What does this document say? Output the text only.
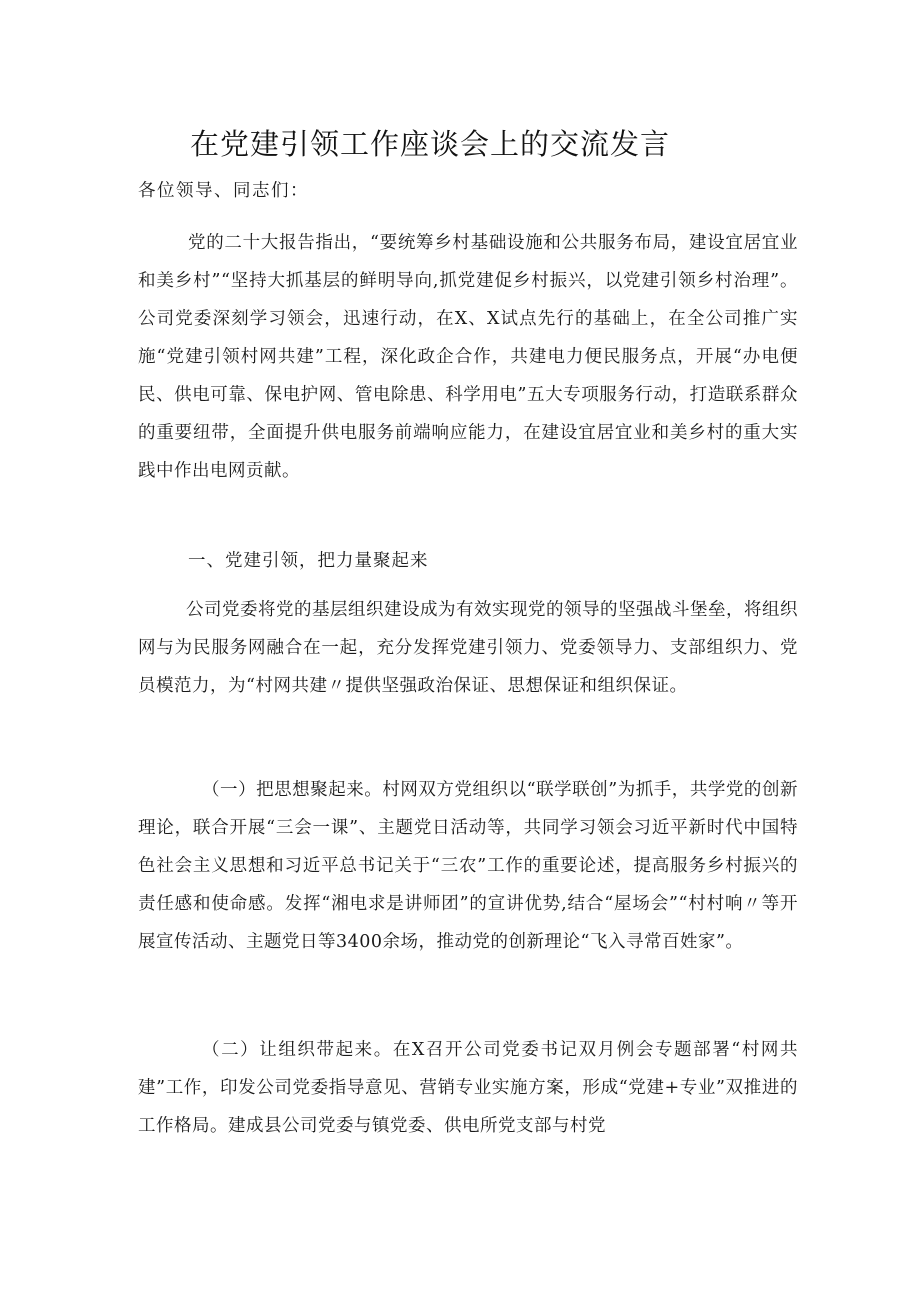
在党建引领工作座谈会上的交流发言

各位领导、同志们：

党的二十大报告指出，“要统筹乡村基础设施和公共服务布局，建设宜居宜业和美乡村”“坚持大抓基层的鲜明导向,抓党建促乡村振兴，以党建引领乡村治理”。公司党委深刻学习领会，迅速行动，在X、X试点先行的基础上，在全公司推广实施“党建引领村网共建”工程，深化政企合作，共建电力便民服务点，开展“办电便民、供电可靠、保电护网、管电除患、科学用电”五大专项服务行动，打造联系群众的重要纽带，全面提升供电服务前端响应能力，在建设宜居宜业和美乡村的重大实践中作出电网贡献。

一、党建引领，把力量聚起来

公司党委将党的基层组织建设成为有效实现党的领导的坚强战斗堡垒，将组织网与为民服务网融合在一起，充分发挥党建引领力、党委领导力、支部组织力、党员模范力，为“村网共建〃提供坚强政治保证、思想保证和组织保证。

（一）把思想聚起来。村网双方党组织以“联学联创”为抓手，共学党的创新理论，联合开展“三会一课”、主题党日活动等，共同学习领会习近平新时代中国特色社会主义思想和习近平总书记关于“三农”工作的重要论述，提高服务乡村振兴的责任感和使命感。发挥“湘电求是讲师团”的宣讲优势,结合“屋场会”“村村响〃等开展宣传活动、主题党日等3400余场，推动党的创新理论“飞入寻常百姓家”。

（二）让组织带起来。在X召开公司党委书记双月例会专题部署“村网共建”工作，印发公司党委指导意见、营销专业实施方案，形成“党建+专业”双推进的工作格局。建成县公司党委与镇党委、供电所党支部与村党
